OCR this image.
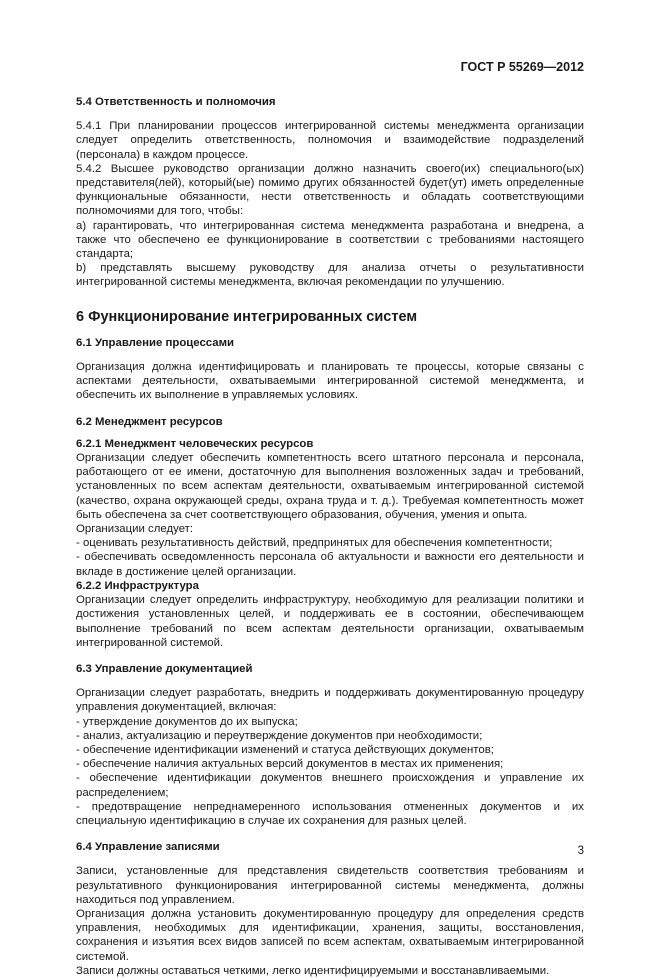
ГОСТ Р 55269—2012
5.4 Ответственность и полномочия
5.4.1 При планировании процессов интегрированной системы менеджмента организации следует определить ответственность, полномочия и взаимодействие подразделений (персонала) в каждом процессе.
5.4.2 Высшее руководство организации должно назначить своего(их) специального(ых) представителя(лей), который(ые) помимо других обязанностей будет(ут) иметь определенные функциональные обязанности, нести ответственность и обладать соответствующими полномочиями для того, чтобы:
а) гарантировать, что интегрированная система менеджмента разработана и внедрена, а также что обеспечено ее функционирование в соответствии с требованиями настоящего стандарта;
b) представлять высшему руководству для анализа отчеты о результативности интегрированной системы менеджмента, включая рекомендации по улучшению.
6 Функционирование интегрированных систем
6.1 Управление процессами
Организация должна идентифицировать и планировать те процессы, которые связаны с аспектами деятельности, охватываемыми интегрированной системой менеджмента, и обеспечить их выполнение в управляемых условиях.
6.2 Менеджмент ресурсов
6.2.1 Менеджмент человеческих ресурсов
Организации следует обеспечить компетентность всего штатного персонала и персонала, работающего от ее имени, достаточную для выполнения возложенных задач и требований, установленных по всем аспектам деятельности, охватываемым интегрированной системой (качество, охрана окружающей среды, охрана труда и т. д.). Требуемая компетентность может быть обеспечена за счет соответствующего образования, обучения, умения и опыта.
Организации следует:
- оценивать результативность действий, предпринятых для обеспечения компетентности;
- обеспечивать осведомленность персонала об актуальности и важности его деятельности и вкладе в достижение целей организации.
6.2.2 Инфраструктура
Организации следует определить инфраструктуру, необходимую для реализации политики и достижения установленных целей, и поддерживать ее в состоянии, обеспечивающем выполнение требований по всем аспектам деятельности организации, охватываемым интегрированной системой.
6.3 Управление документацией
Организации следует разработать, внедрить и поддерживать документированную процедуру управления документацией, включая:
- утверждение документов до их выпуска;
- анализ, актуализацию и переутверждение документов при необходимости;
- обеспечение идентификации изменений и статуса действующих документов;
- обеспечение наличия актуальных версий документов в местах их применения;
- обеспечение идентификации документов внешнего происхождения и управление их распределением;
- предотвращение непреднамеренного использования отмененных документов и их специальную идентификацию в случае их сохранения для разных целей.
6.4 Управление записями
Записи, установленные для представления свидетельств соответствия требованиям и результативного функционирования интегрированной системы менеджмента, должны находиться под управлением.
Организация должна установить документированную процедуру для определения средств управления, необходимых для идентификации, хранения, защиты, восстановления, сохранения и изъятия всех видов записей по всем аспектам, охватываемым интегрированной системой.
Записи должны оставаться четкими, легко идентифицируемыми и восстанавливаемыми.
3
